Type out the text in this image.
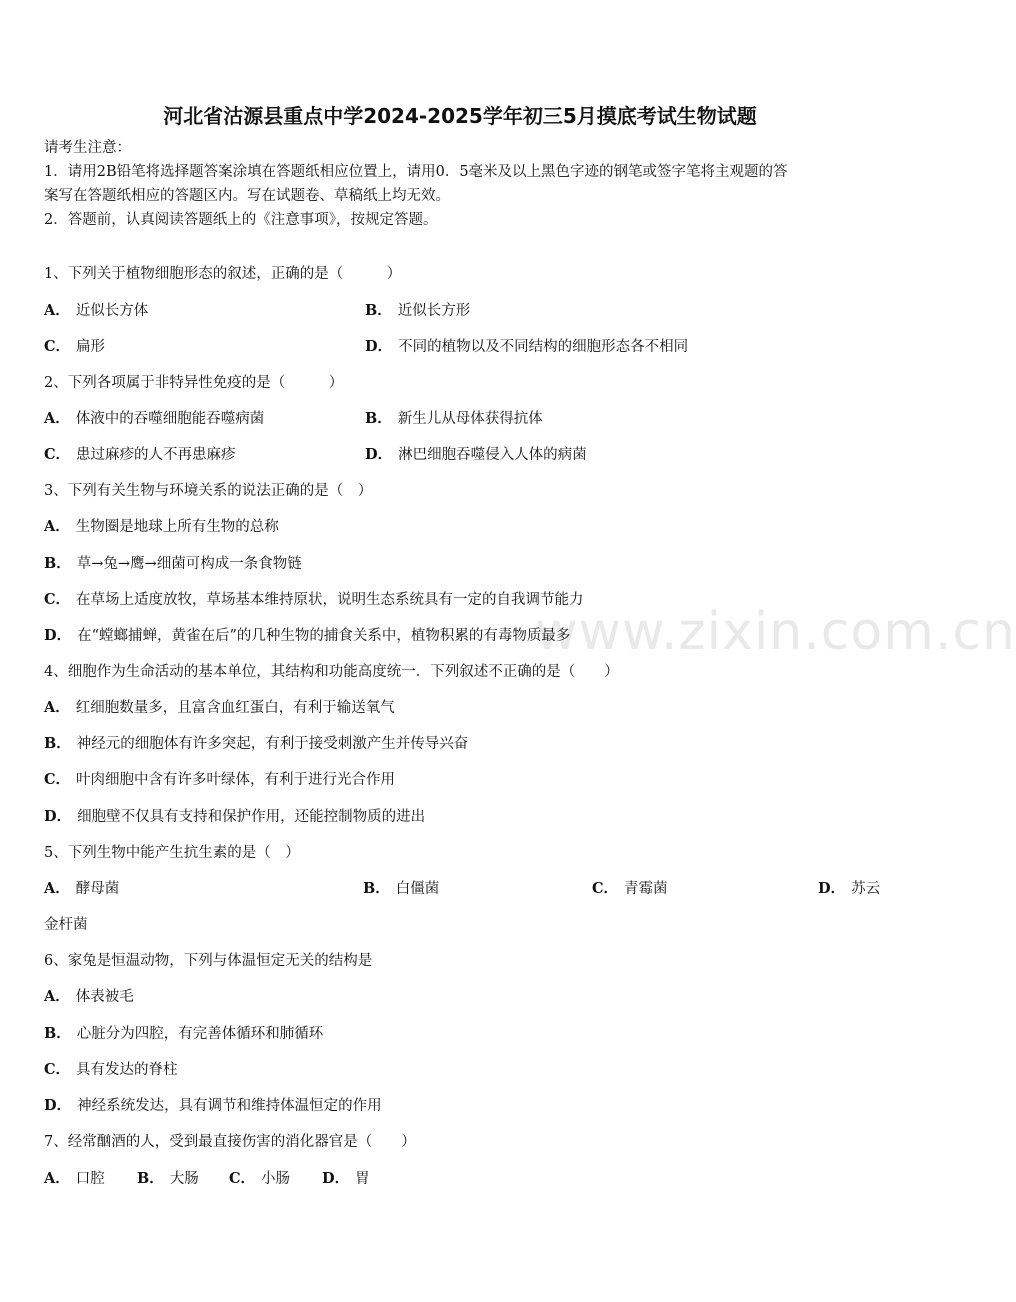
www.zixin.com.cn
河北省沽源县重点中学2024-2025学年初三5月摸底考试生物试题
请考生注意：
1．请用2B铅笔将选择题答案涂填在答题纸相应位置上，请用0．5毫米及以上黑色字迹的钢笔或签字笔将主观题的答
案写在答题纸相应的答题区内。写在试题卷、草稿纸上均无效。
2．答题前，认真阅读答题纸上的《注意事项》，按规定答题。
1、下列关于植物细胞形态的叙述，正确的是（　　　）
A． 近似长方体	B． 近似长方形
C． 扁形	D． 不同的植物以及不同结构的细胞形态各不相同
2、下列各项属于非特异性免疫的是（　　　）
A． 体液中的吞噬细胞能吞噬病菌	B． 新生儿从母体获得抗体
C． 患过麻疹的人不再患麻疹	D． 淋巴细胞吞噬侵入人体的病菌
3、下列有关生物与环境关系的说法正确的是（　）
A． 生物圈是地球上所有生物的总称
B． 草→兔→鹰→细菌可构成一条食物链
C． 在草场上适度放牧，草场基本维持原状，说明生态系统具有一定的自我调节能力
D． 在“螳螂捕蝉，黄雀在后”的几种生物的捕食关系中，植物积累的有毒物质最多
4、细胞作为生命活动的基本单位，其结构和功能高度统一．下列叙述不正确的是（　　）
A． 红细胞数量多，且富含血红蛋白，有利于输送氧气
B． 神经元的细胞体有许多突起，有利于接受刺激产生并传导兴奋
C． 叶肉细胞中含有许多叶绿体，有利于进行光合作用
D． 细胞壁不仅具有支持和保护作用，还能控制物质的进出
5、下列生物中能产生抗生素的是（　）
A． 酵母菌	B． 白僵菌	C． 青霉菌	D． 苏云
金杆菌
6、家兔是恒温动物，下列与体温恒定无关的结构是
A． 体表被毛
B． 心脏分为四腔，有完善体循环和肺循环
C． 具有发达的脊柱
D． 神经系统发达，具有调节和维持体温恒定的作用
7、经常酗酒的人，受到最直接伤害的消化器官是（　　）
A． 口腔 B． 大肠 C． 小肠 D． 胃
